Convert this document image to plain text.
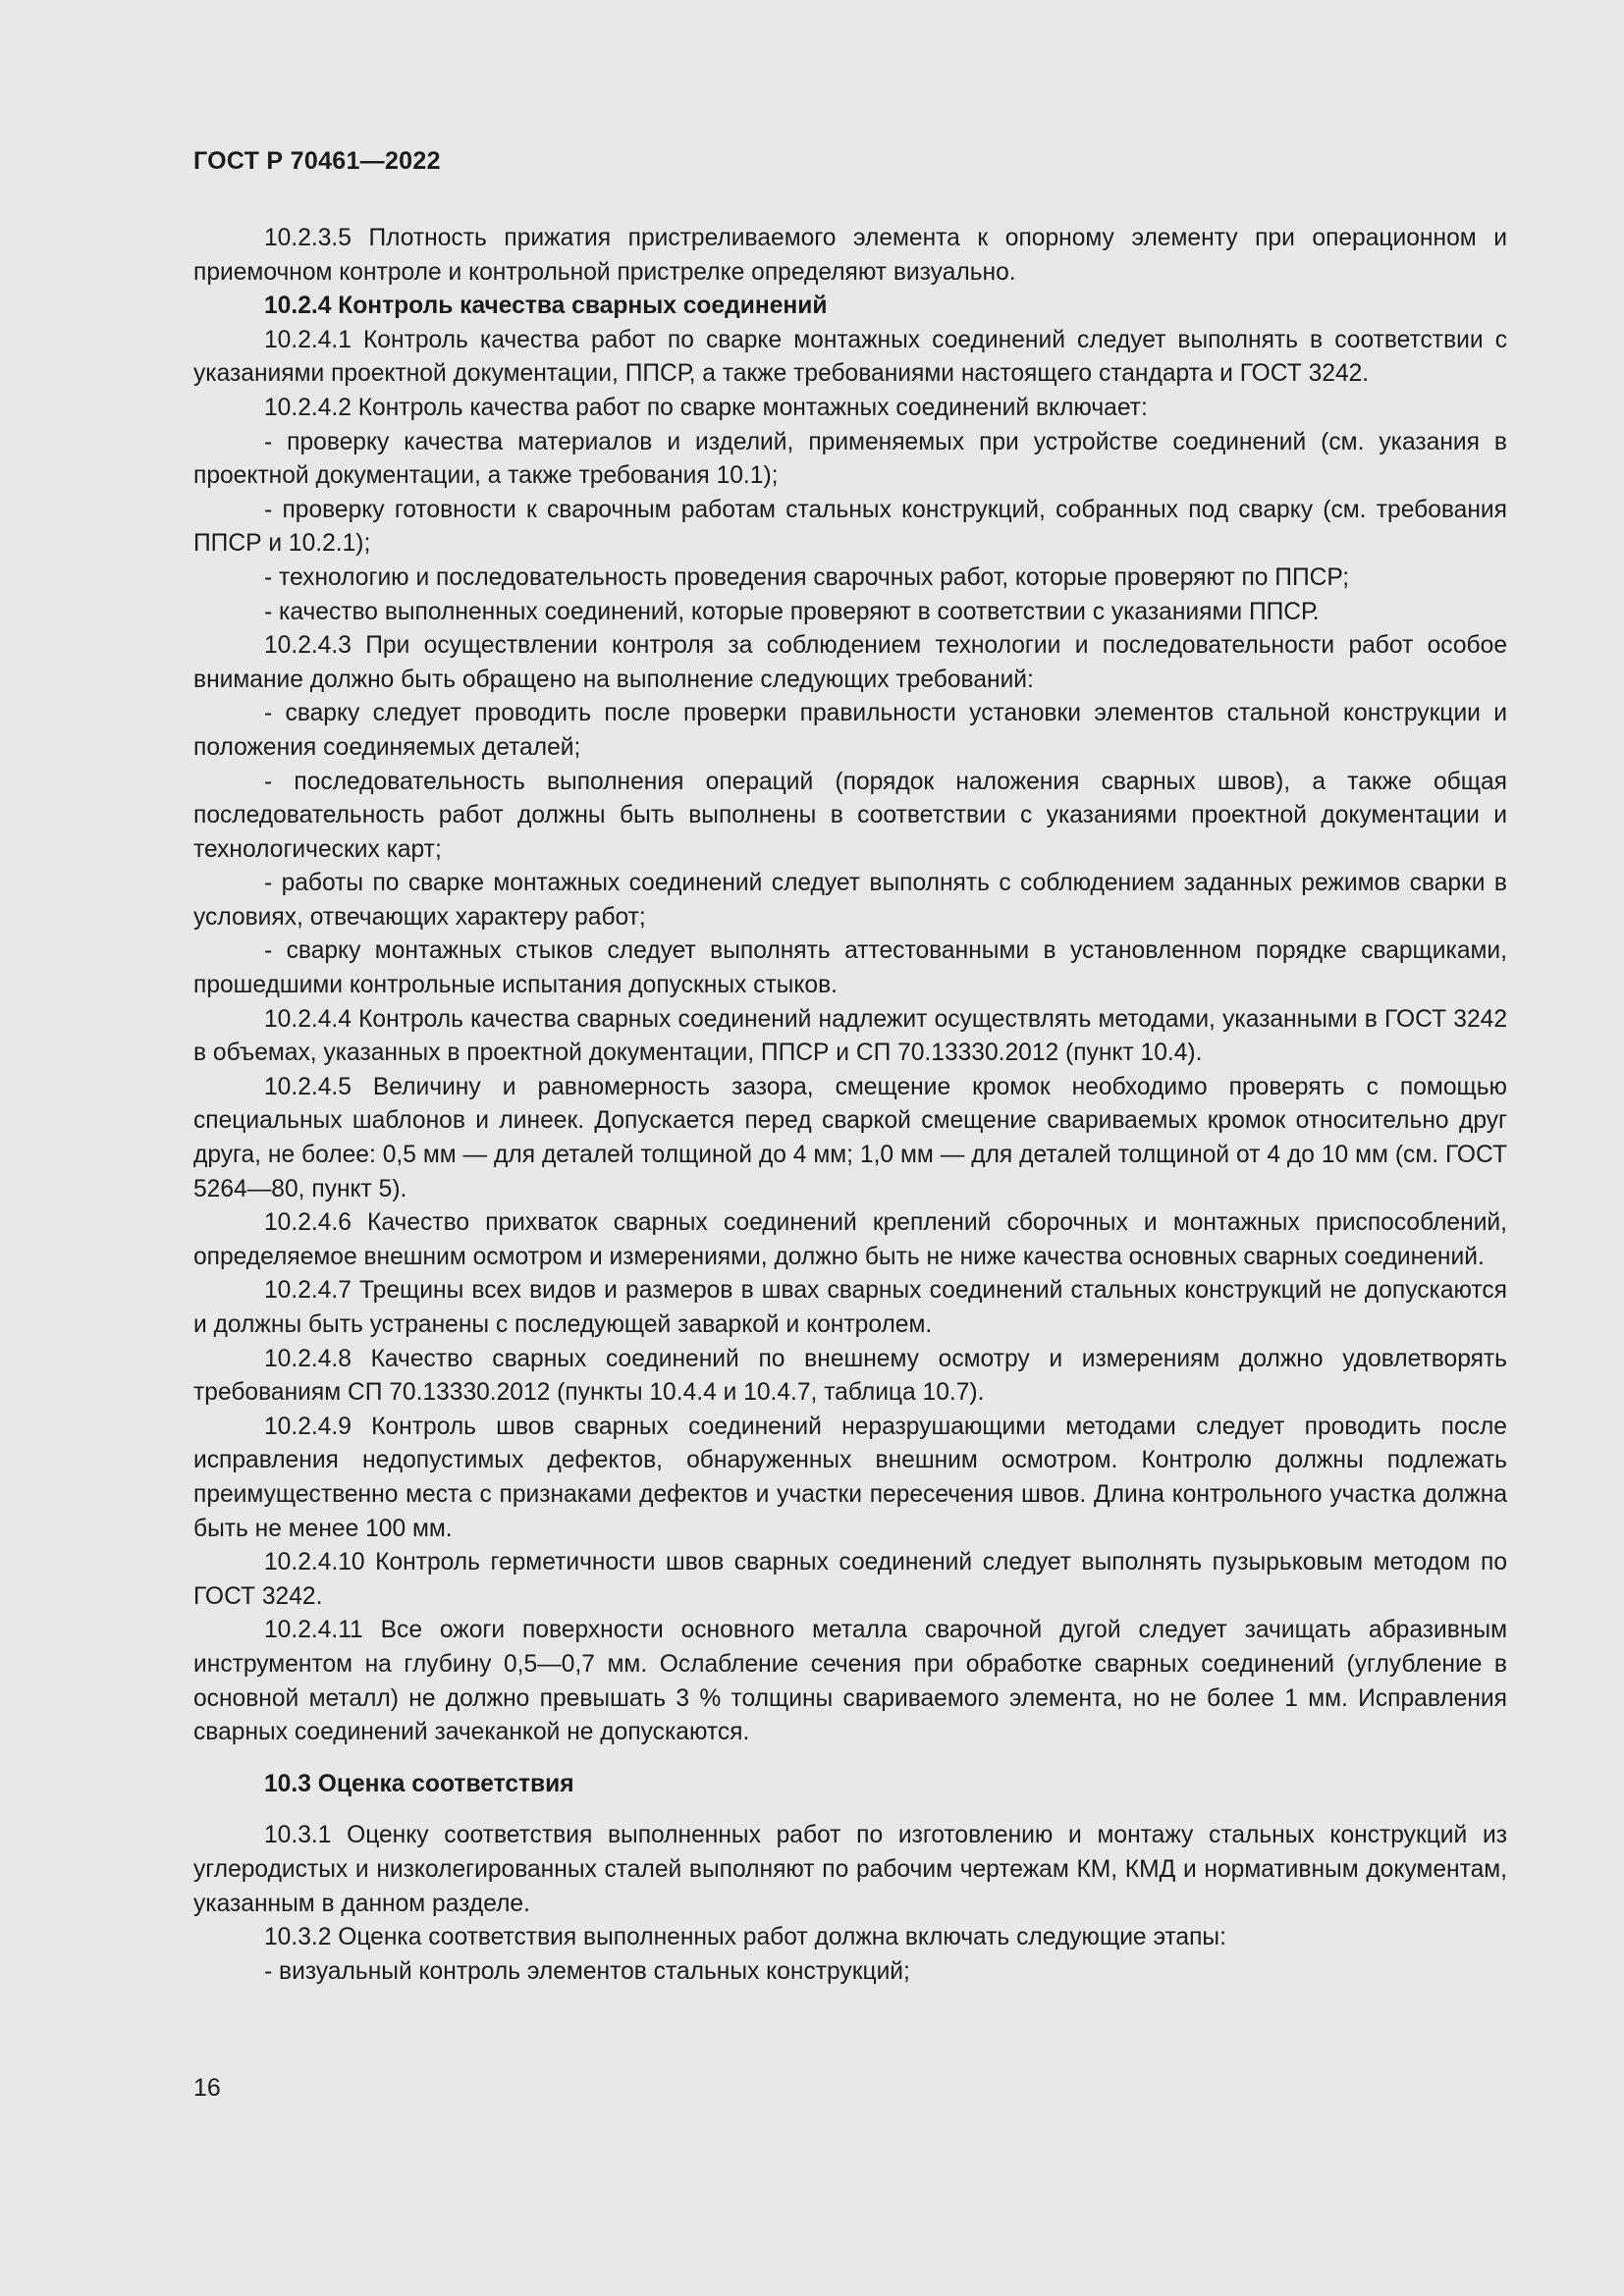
ГОСТ Р 70461—2022

10.2.3.5 Плотность прижатия пристреливаемого элемента к опорному элементу при операционном и приемочном контроле и контрольной пристрелке определяют визуально.

10.2.4 Контроль качества сварных соединений

10.2.4.1 Контроль качества работ по сварке монтажных соединений следует выполнять в соответствии с указаниями проектной документации, ППСР, а также требованиями настоящего стандарта и ГОСТ 3242.

10.2.4.2 Контроль качества работ по сварке монтажных соединений включает:

- проверку качества материалов и изделий, применяемых при устройстве соединений (см. указания в проектной документации, а также требования 10.1);

- проверку готовности к сварочным работам стальных конструкций, собранных под сварку (см. требования ППСР и 10.2.1);

- технологию и последовательность проведения сварочных работ, которые проверяют по ППСР;

- качество выполненных соединений, которые проверяют в соответствии с указаниями ППСР.

10.2.4.3 При осуществлении контроля за соблюдением технологии и последовательности работ особое внимание должно быть обращено на выполнение следующих требований:

- сварку следует проводить после проверки правильности установки элементов стальной конструкции и положения соединяемых деталей;

- последовательность выполнения операций (порядок наложения сварных швов), а также общая последовательность работ должны быть выполнены в соответствии с указаниями проектной документации и технологических карт;

- работы по сварке монтажных соединений следует выполнять с соблюдением заданных режимов сварки в условиях, отвечающих характеру работ;

- сварку монтажных стыков следует выполнять аттестованными в установленном порядке сварщиками, прошедшими контрольные испытания допускных стыков.

10.2.4.4 Контроль качества сварных соединений надлежит осуществлять методами, указанными в ГОСТ 3242 в объемах, указанных в проектной документации, ППСР и СП 70.13330.2012 (пункт 10.4).

10.2.4.5 Величину и равномерность зазора, смещение кромок необходимо проверять с помощью специальных шаблонов и линеек. Допускается перед сваркой смещение свариваемых кромок относительно друг друга, не более: 0,5 мм — для деталей толщиной до 4 мм; 1,0 мм — для деталей толщиной от 4 до 10 мм (см. ГОСТ 5264—80, пункт 5).

10.2.4.6 Качество прихваток сварных соединений креплений сборочных и монтажных приспособлений, определяемое внешним осмотром и измерениями, должно быть не ниже качества основных сварных соединений.

10.2.4.7 Трещины всех видов и размеров в швах сварных соединений стальных конструкций не допускаются и должны быть устранены с последующей заваркой и контролем.

10.2.4.8 Качество сварных соединений по внешнему осмотру и измерениям должно удовлетворять требованиям СП 70.13330.2012 (пункты 10.4.4 и 10.4.7, таблица 10.7).

10.2.4.9 Контроль швов сварных соединений неразрушающими методами следует проводить после исправления недопустимых дефектов, обнаруженных внешним осмотром. Контролю должны подлежать преимущественно места с признаками дефектов и участки пересечения швов. Длина контрольного участка должна быть не менее 100 мм.

10.2.4.10 Контроль герметичности швов сварных соединений следует выполнять пузырьковым методом по ГОСТ 3242.

10.2.4.11 Все ожоги поверхности основного металла сварочной дугой следует зачищать абразивным инструментом на глубину 0,5—0,7 мм. Ослабление сечения при обработке сварных соединений (углубление в основной металл) не должно превышать 3 % толщины свариваемого элемента, но не более 1 мм. Исправления сварных соединений зачеканкой не допускаются.

10.3 Оценка соответствия

10.3.1 Оценку соответствия выполненных работ по изготовлению и монтажу стальных конструкций из углеродистых и низколегированных сталей выполняют по рабочим чертежам КМ, КМД и нормативным документам, указанным в данном разделе.

10.3.2 Оценка соответствия выполненных работ должна включать следующие этапы:

- визуальный контроль элементов стальных конструкций;

16
